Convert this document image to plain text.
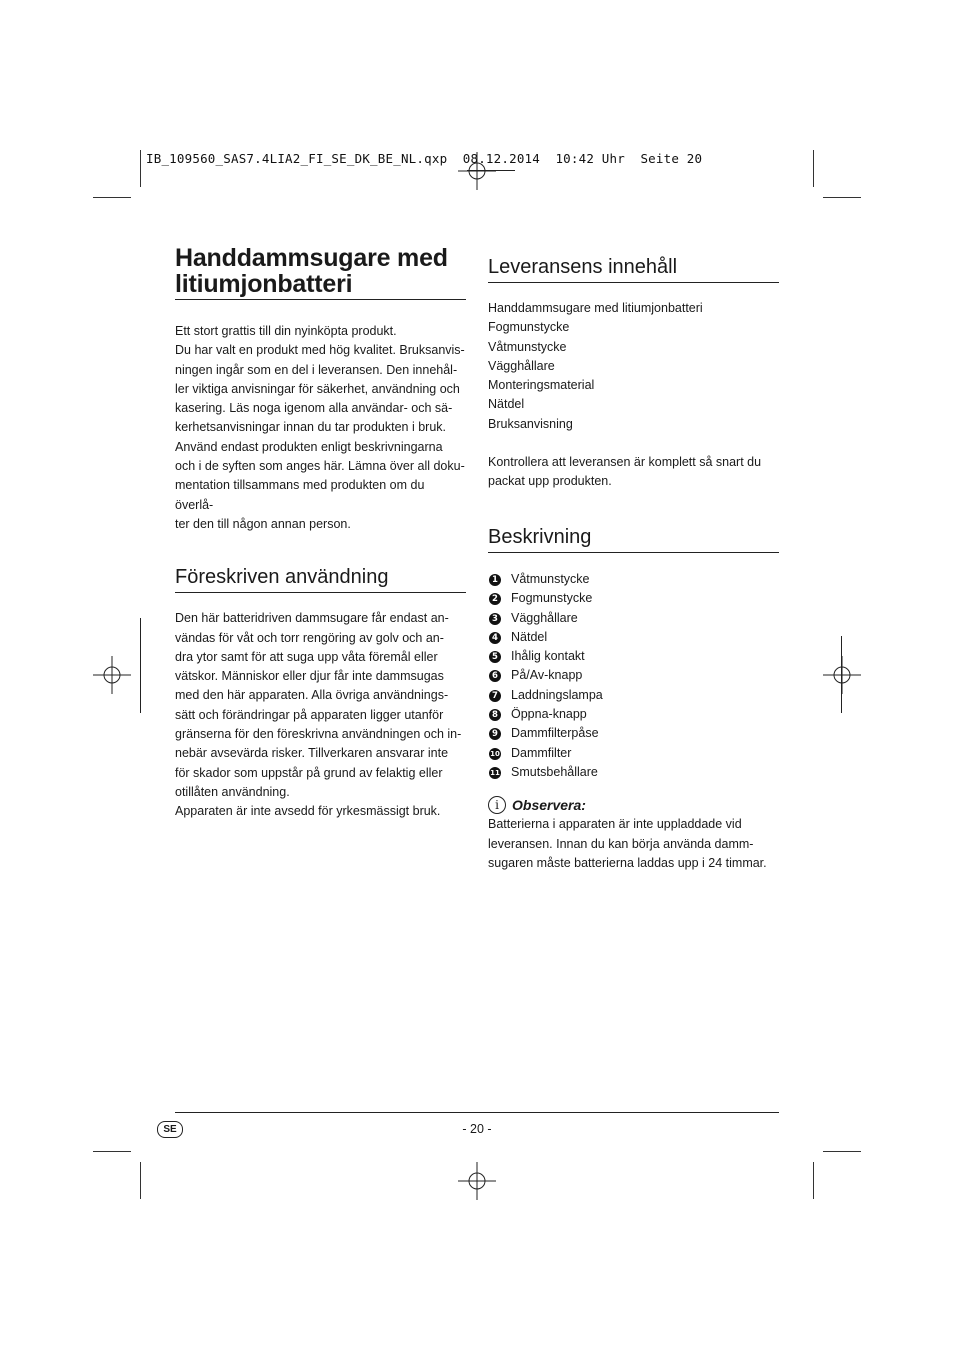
IB_109560_SAS7.4LIA2_FI_SE_DK_BE_NL.qxp  08.12.2014  10:42 Uhr  Seite 20
Handdammsugare med litiumjonbatteri

Ett stort grattis till din nyinköpta produkt.

Du har valt en produkt med hög kvalitet. Bruksanvis-

ningen ingår som en del i leveransen. Den innehål-

ler viktiga anvisningar för säkerhet, användning och

kasering. Läs noga igenom alla användar- och sä-

kerhetsanvisningar innan du tar produkten i bruk.

Använd endast produkten enligt beskrivningarna

och i de syften som anges här. Lämna över all doku-

mentation tillsammans med produkten om du överlå-

ter den till någon annan person.

Föreskriven användning

Den här batteridriven dammsugare får endast an-

vändas för våt och torr rengöring av golv och an-

dra ytor samt för att suga upp våta föremål eller

vätskor. Människor eller djur får inte dammsugas

med den här apparaten. Alla övriga användnings-

sätt och förändringar på apparaten ligger utanför

gränserna för den föreskrivna användningen och in-

nebär avsevärda risker. Tillverkaren ansvarar inte

för skador som uppstår på grund av felaktig eller

otillåten användning.

Apparaten är inte avsedd för yrkesmässigt bruk.

Leveransens innehåll
Handdammsugare med litiumjonbatteri
Fogmunstycke
Våtmunstycke
Vägghållare
Monteringsmaterial
Nätdel
Bruksanvisning

Kontrollera att leveransen är komplett så snart du

packat upp produkten.

Beskrivning
1 Våtmunstycke
2 Fogmunstycke
3 Vägghållare
4 Nätdel
5 Ihålig kontakt
6 På/Av-knapp
7 Laddningslampa
8 Öppna-knapp
9 Dammfilterpåse
10 Dammfilter
11 Smutsbehållare
i Observera:

Batterierna i apparaten är inte uppladdade vid

leveransen. Innan du kan börja använda damm-

sugaren måste batterierna laddas upp i 24 timmar.

SE	- 20 -
